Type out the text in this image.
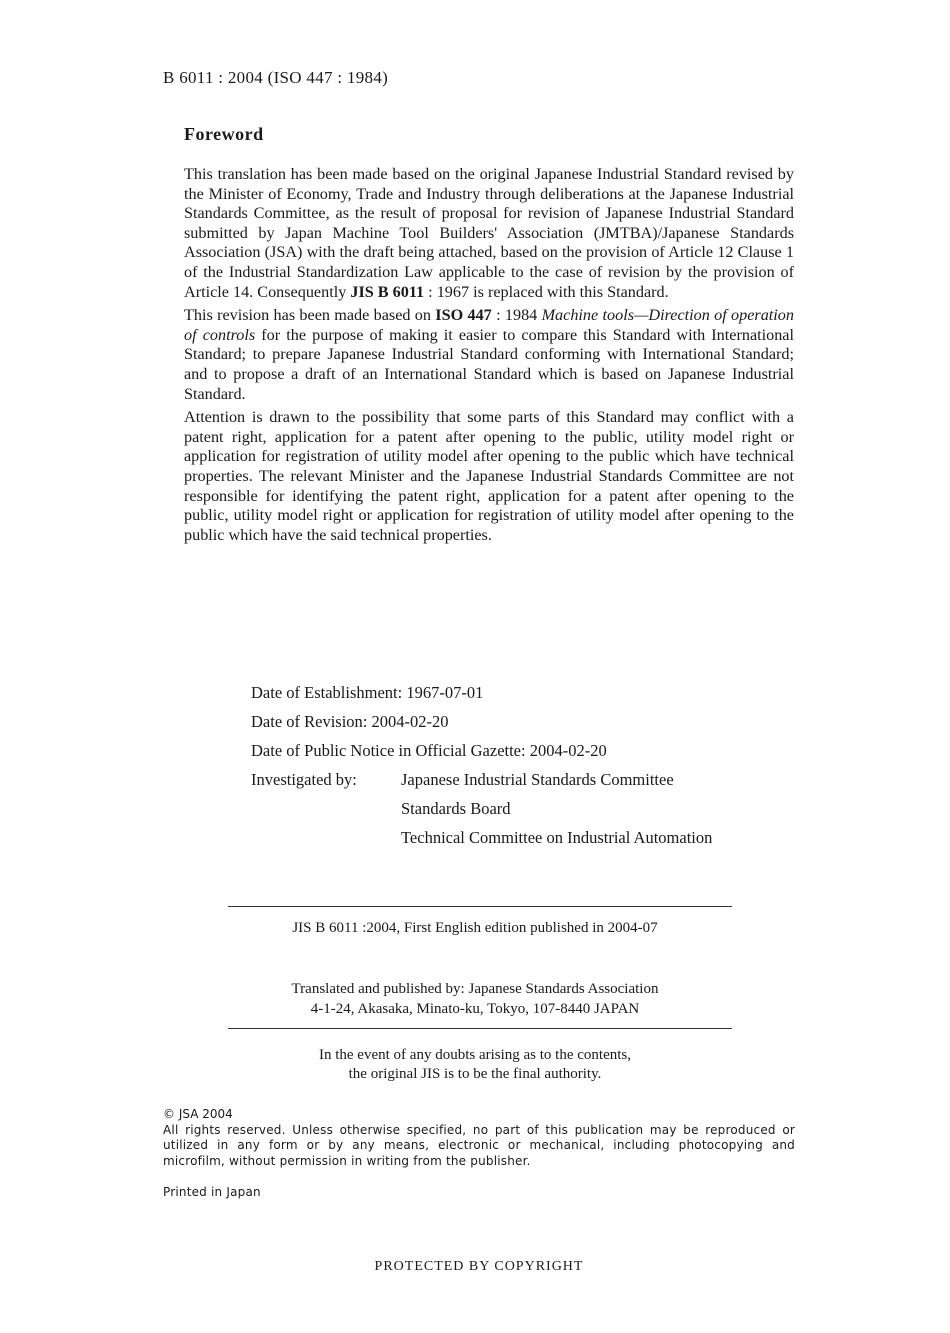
B 6011 : 2004 (ISO 447 : 1984)
Foreword

This translation has been made based on the original Japanese Industrial Standard revised by the Minister of Economy, Trade and Industry through deliberations at the Japanese Industrial Standards Committee, as the result of proposal for revision of Japanese Industrial Standard submitted by Japan Machine Tool Builders' Association (JMTBA)/Japanese Standards Association (JSA) with the draft being attached, based on the provision of Article 12 Clause 1 of the Industrial Standardization Law applicable to the case of revision by the provision of Article 14. Consequently JIS B 6011 : 1967 is replaced with this Standard.

This revision has been made based on ISO 447 : 1984 Machine tools—Direction of operation of controls for the purpose of making it easier to compare this Standard with International Standard; to prepare Japanese Industrial Standard conforming with International Standard; and to propose a draft of an International Standard which is based on Japanese Industrial Standard.

Attention is drawn to the possibility that some parts of this Standard may conflict with a patent right, application for a patent after opening to the public, utility model right or application for registration of utility model after opening to the public which have technical properties. The relevant Minister and the Japanese Industrial Standards Committee are not responsible for identifying the patent right, application for a patent after opening to the public, utility model right or application for registration of utility model after opening to the public which have the said technical properties.

Date of Establishment: 1967-07-01
Date of Revision: 2004-02-20
Date of Public Notice in Official Gazette: 2004-02-20
Investigated by:	Japanese Industrial Standards Committee
Standards Board
Technical Committee on Industrial Automation
JIS B 6011 :2004, First English edition published in 2004-07
Translated and published by: Japanese Standards Association
4-1-24, Akasaka, Minato-ku, Tokyo, 107-8440 JAPAN
In the event of any doubts arising as to the contents,
the original JIS is to be the final authority.
© JSA 2004
All rights reserved. Unless otherwise specified, no part of this publication may be reproduced or utilized in any form or by any means, electronic or mechanical, including photocopying and microfilm, without permission in writing from the publisher.
Printed in Japan
PROTECTED BY COPYRIGHT
